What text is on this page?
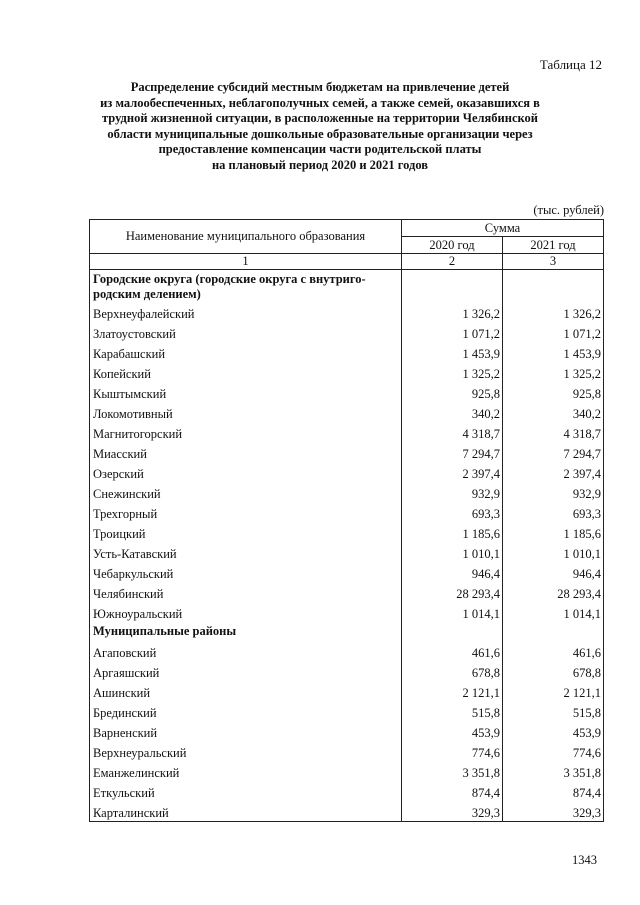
Таблица 12
Распределение субсидий местным бюджетам на привлечение детей
из малообеспеченных, неблагополучных семей, а также семей, оказавшихся в
трудной жизненной ситуации, в расположенные на территории Челябинской
области муниципальные дошкольные образовательные организации через
предоставление компенсации части родительской платы
на плановый период 2020 и 2021 годов
(тыс. рублей)
Наименование муниципального образования	Сумма	
	2020 год	2021 год
1	2	3
Городские округа (городские округа с внутриго-
родским делением)		
Верхнеуфалейский	1 326,2	1 326,2
Златоустовский	1 071,2	1 071,2
Карабашский	1 453,9	1 453,9
Копейский	1 325,2	1 325,2
Кыштымский	925,8	925,8
Локомотивный	340,2	340,2
Магнитогорский	4 318,7	4 318,7
Миасский	7 294,7	7 294,7
Озерский	2 397,4	2 397,4
Снежинский	932,9	932,9
Трехгорный	693,3	693,3
Троицкий	1 185,6	1 185,6
Усть-Катавский	1 010,1	1 010,1
Чебаркульский	946,4	946,4
Челябинский	28 293,4	28 293,4
Южноуральский	1 014,1	1 014,1
Муниципальные районы		
Агаповский	461,6	461,6
Аргаяшский	678,8	678,8
Ашинский	2 121,1	2 121,1
Брединский	515,8	515,8
Варненский	453,9	453,9
Верхнеуральский	774,6	774,6
Еманжелинский	3 351,8	3 351,8
Еткульский	874,4	874,4
Карталинский	329,3	329,3
1343
